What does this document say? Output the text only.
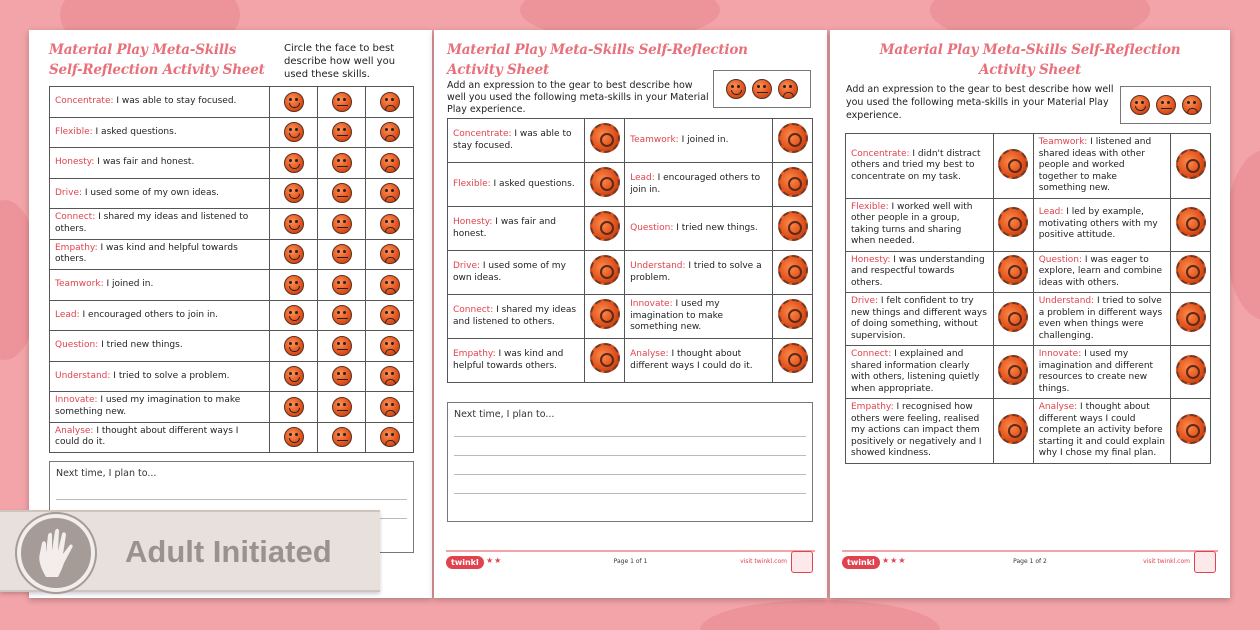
Material Play Meta-Skills
Self-Reflection Activity Sheet
Circle the face to best describe how well you used these skills.
Concentrate: I was able to stay focused.			
Flexible: I asked questions.			
Honesty: I was fair and honest.			
Drive: I used some of my own ideas.			
Connect: I shared my ideas and listened to others.			
Empathy: I was kind and helpful towards others.			
Teamwork: I joined in.			
Lead: I encouraged others to join in.			
Question: I tried new things.			
Understand: I tried to solve a problem.			
Innovate: I used my imagination to make something new.			
Analyse: I thought about different ways I could do it.			
Next time, I plan to...
Material Play Meta-Skills Self-Reflection
Activity Sheet
Add an expression to the gear to best describe how well you used the following meta-skills in your Material Play experience.
Concentrate: I was able to stay focused.		Teamwork: I joined in.	
Flexible: I asked questions.		Lead: I encouraged others to join in.	
Honesty: I was fair and honest.		Question: I tried new things.	
Drive: I used some of my own ideas.		Understand: I tried to solve a problem.	
Connect: I shared my ideas and listened to others.		Innovate: I used my imagination to make something new.	
Empathy: I was kind and helpful towards others.		Analyse: I thought about different ways I could do it.	
Next time, I plan to...
twinkl ★★	Page 1 of 1	visit twinkl.com
Material Play Meta-Skills Self-Reflection
Activity Sheet
Add an expression to the gear to best describe how well you used the following meta-skills in your Material Play experience.
Concentrate: I didn't distract others and tried my best to concentrate on my task.		Teamwork: I listened and shared ideas with other people and worked together to make something new.	
Flexible: I worked well with other people in a group, taking turns and sharing when needed.		Lead: I led by example, motivating others with my positive attitude.	
Honesty: I was understanding and respectful towards others.		Question: I was eager to explore, learn and combine ideas with others.	
Drive: I felt confident to try new things and different ways of doing something, without supervision.		Understand: I tried to solve a problem in different ways even when things were challenging.	
Connect: I explained and shared information clearly with others, listening quietly when appropriate.		Innovate: I used my imagination and different resources to create new things.	
Empathy: I recognised how others were feeling, realised my actions can impact them positively or negatively and I showed kindness.		Analyse: I thought about different ways I could complete an activity before starting it and could explain why I chose my final plan.	
twinkl ★★★	Page 1 of 2	visit twinkl.com
Adult Initiated
